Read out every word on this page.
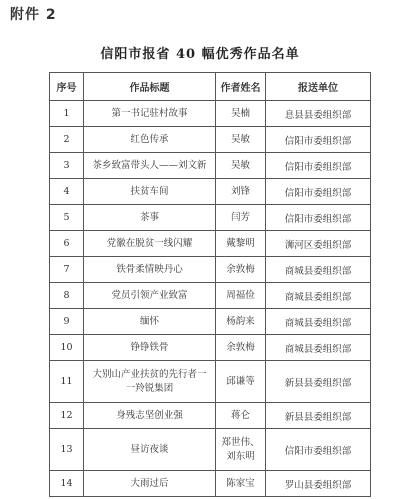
附件 2
信阳市报省 40 幅优秀作品名单
序号	作品标题	作者姓名	报送单位
1	第一书记驻村故事	吴楠	息县县委组织部
2	红色传承	吴敏	信阳市委组织部
3	茶乡致富带头人——刘文新	吴敏	信阳市委组织部
4	扶贫车间	刘锋	信阳市委组织部
5	茶事	闫芳	信阳市委组织部
6	党徽在脱贫一线闪耀	戴黎明	浉河区委组织部
7	铁骨柔情映丹心	余敦梅	商城县委组织部
8	党员引领产业致富	周福俭	商城县委组织部
9	缅怀	杨韵来	商城县委组织部
10	铮铮铁骨	余敦梅	商城县委组织部
11	大别山产业扶贫的先行者一
一羚锐集团	邱谦等	新县县委组织部
12	身残志坚创业强	蒋仑	新县县委组织部
13	昼访夜谈	郑世伟、
刘东明	信阳市委组织部
14	大雨过后	陈家宝	罗山县委组织部
